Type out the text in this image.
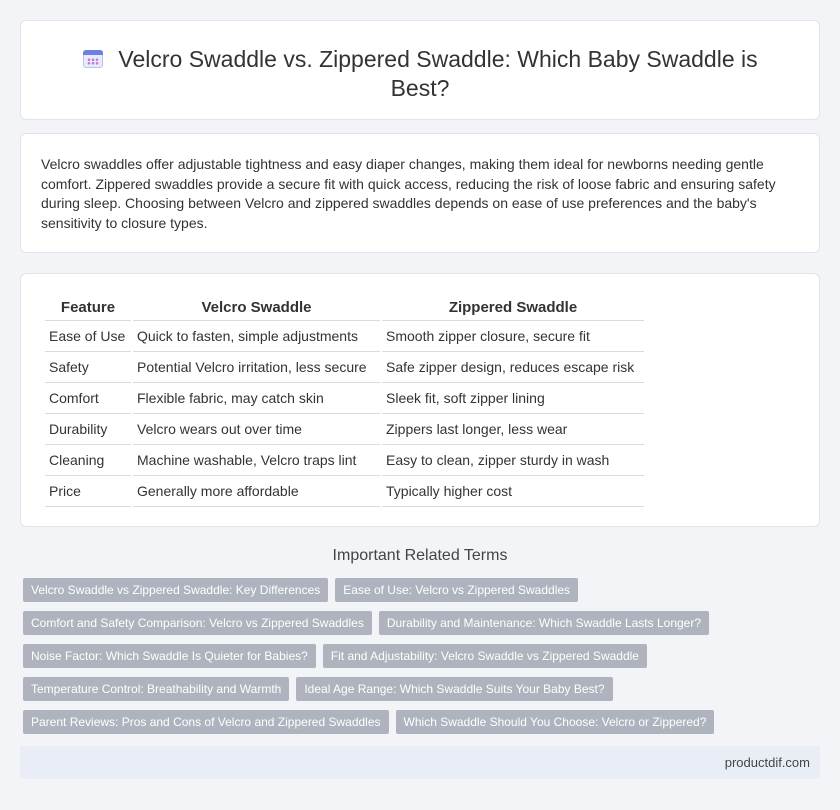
Velcro Swaddle vs. Zippered Swaddle: Which Baby Swaddle is Best?

Velcro swaddles offer adjustable tightness and easy diaper changes, making them ideal for newborns needing gentle comfort. Zippered swaddles provide a secure fit with quick access, reducing the risk of loose fabric and ensuring safety during sleep. Choosing between Velcro and zippered swaddles depends on ease of use preferences and the baby's sensitivity to closure types.

Feature	Velcro Swaddle	Zippered Swaddle
Ease of Use	Quick to fasten, simple adjustments	Smooth zipper closure, secure fit
Safety	Potential Velcro irritation, less secure	Safe zipper design, reduces escape risk
Comfort	Flexible fabric, may catch skin	Sleek fit, soft zipper lining
Durability	Velcro wears out over time	Zippers last longer, less wear
Cleaning	Machine washable, Velcro traps lint	Easy to clean, zipper sturdy in wash
Price	Generally more affordable	Typically higher cost
Important Related Terms
Velcro Swaddle vs Zippered Swaddle: Key Differences Ease of Use: Velcro vs Zippered Swaddles
Comfort and Safety Comparison: Velcro vs Zippered Swaddles Durability and Maintenance: Which Swaddle Lasts Longer?
Noise Factor: Which Swaddle Is Quieter for Babies? Fit and Adjustability: Velcro Swaddle vs Zippered Swaddle
Temperature Control: Breathability and Warmth Ideal Age Range: Which Swaddle Suits Your Baby Best?
Parent Reviews: Pros and Cons of Velcro and Zippered Swaddles Which Swaddle Should You Choose: Velcro or Zippered?
productdif.com
